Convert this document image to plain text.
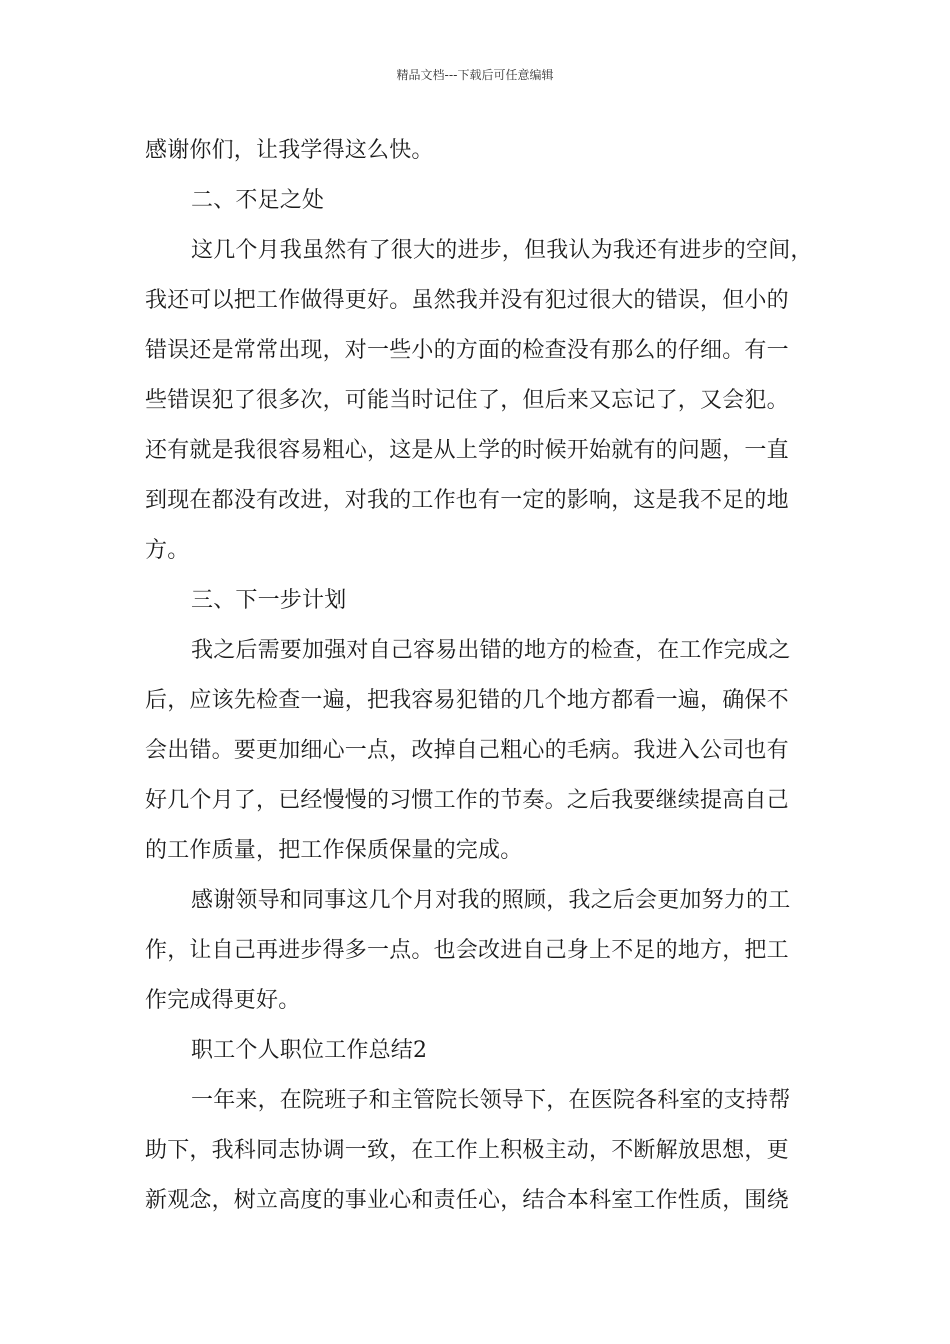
精品文档---下载后可任意编辑
感谢你们，让我学得这么快。
二、不足之处
这几个月我虽然有了很大的进步，但我认为我还有进步的空间，
我还可以把工作做得更好。虽然我并没有犯过很大的错误，但小的
错误还是常常出现，对一些小的方面的检查没有那么的仔细。有一
些错误犯了很多次，可能当时记住了，但后来又忘记了，又会犯。
还有就是我很容易粗心，这是从上学的时候开始就有的问题，一直
到现在都没有改进，对我的工作也有一定的影响，这是我不足的地
方。
三、下一步计划
我之后需要加强对自己容易出错的地方的检查，在工作完成之
后，应该先检查一遍，把我容易犯错的几个地方都看一遍，确保不
会出错。要更加细心一点，改掉自己粗心的毛病。我进入公司也有
好几个月了，已经慢慢的习惯工作的节奏。之后我要继续提高自己
的工作质量，把工作保质保量的完成。
感谢领导和同事这几个月对我的照顾，我之后会更加努力的工
作，让自己再进步得多一点。也会改进自己身上不足的地方，把工
作完成得更好。
职工个人职位工作总结2
一年来，在院班子和主管院长领导下，在医院各科室的支持帮
助下，我科同志协调一致，在工作上积极主动，不断解放思想，更
新观念，树立高度的事业心和责任心，结合本科室工作性质，围绕
